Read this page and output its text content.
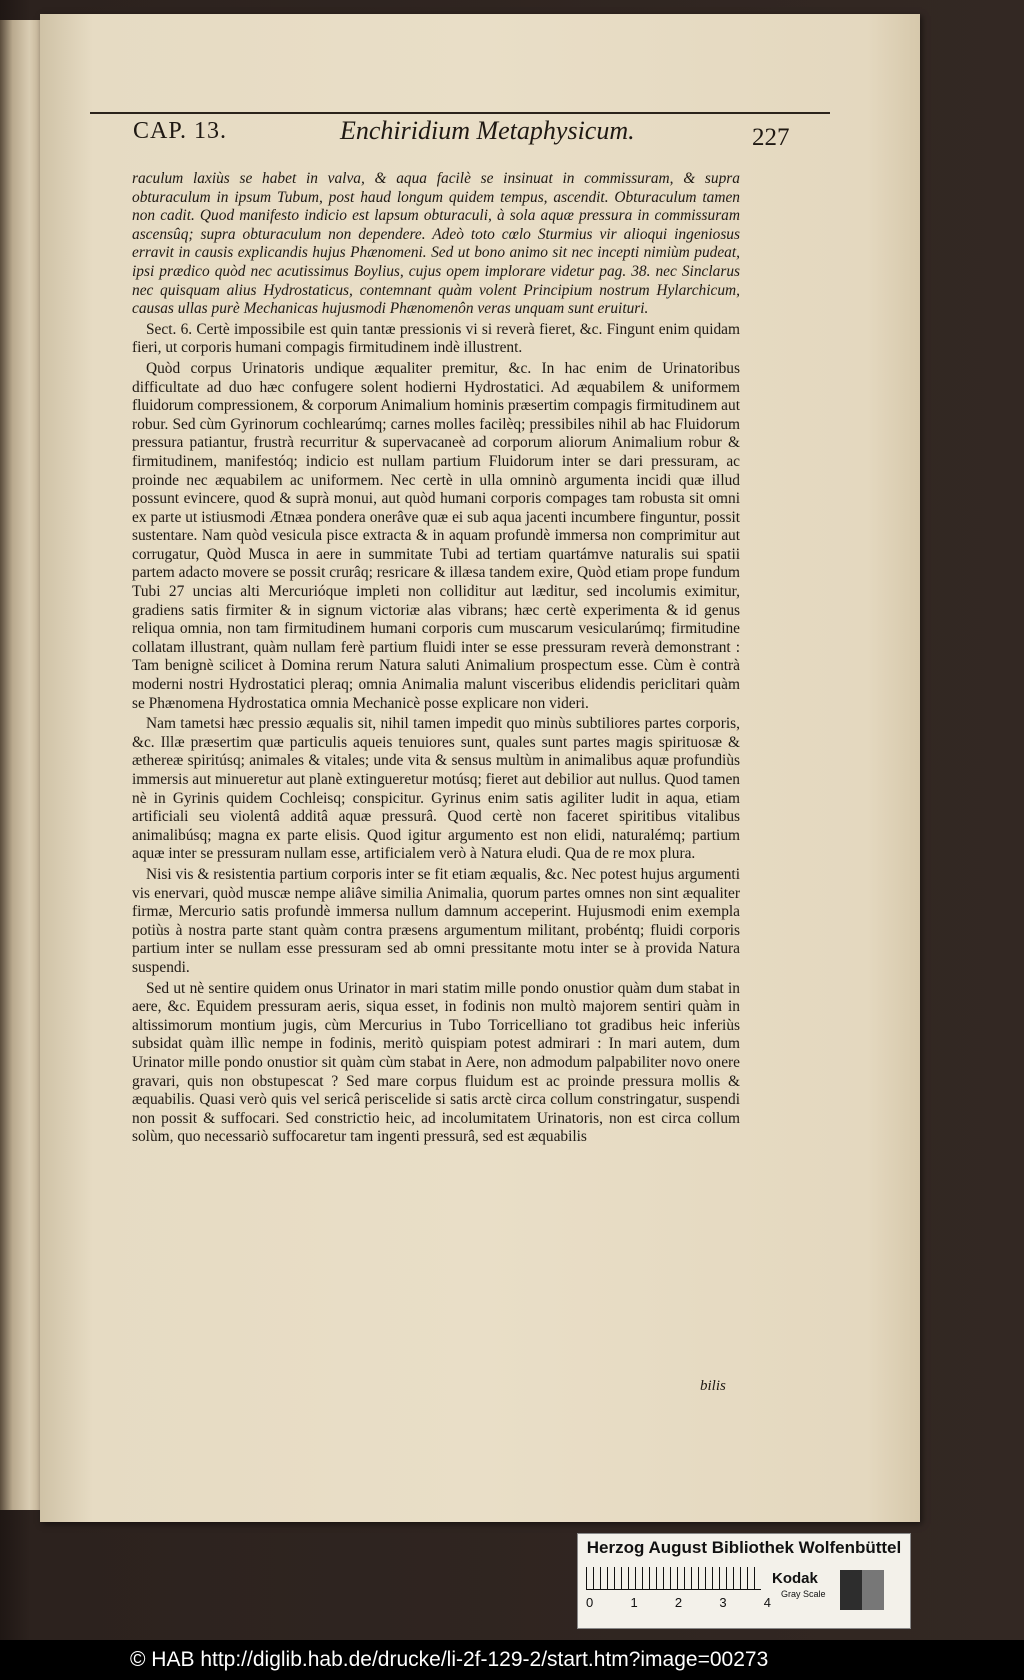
CAP. 13.	Enchiridium Metaphysicum.	227

raculum laxiùs se habet in valva, & aqua facilè se insinuat in commissuram, & supra obturaculum in ipsum Tubum, post haud longum quidem tempus, ascendit. Obturaculum tamen non cadit. Quod manifesto indicio est lapsum obturaculi, à sola aquæ pressura in commissuram ascensûq; supra obturaculum non dependere. Adeò toto cœlo Sturmius vir alioqui ingeniosus erravit in causis explicandis hujus Phænomeni. Sed ut bono animo sit nec incepti nimiùm pudeat, ipsi prædico quòd nec acutissimus Boylius, cujus opem implorare videtur pag. 38. nec Sinclarus nec quisquam alius Hydrostaticus, contemnant quàm volent Principium nostrum Hylarchicum, causas ullas purè Mechanicas hujusmodi Phænomenôn veras unquam sunt eruituri.

Sect. 6. Certè impossibile est quin tantæ pressionis vi si reverà fieret, &c. Fingunt enim quidam fieri, ut corporis humani compagis firmitudinem indè illustrent.

Quòd corpus Urinatoris undique æqualiter premitur, &c. In hac enim de Urinatoribus difficultate ad duo hæc confugere solent hodierni Hydrostatici. Ad æquabilem & uniformem fluidorum compressionem, & corporum Animalium hominis præsertim compagis firmitudinem aut robur. Sed cùm Gyrinorum cochlearúmq; carnes molles facilèq; pressibiles nihil ab hac Fluidorum pressura patiantur, frustrà recurritur & supervacaneè ad corporum aliorum Animalium robur & firmitudinem, manifestóq; indicio est nullam partium Fluidorum inter se dari pressuram, ac proinde nec æquabilem ac uniformem. Nec certè in ulla omninò argumenta incidi quæ illud possunt evincere, quod & suprà monui, aut quòd humani corporis compages tam robusta sit omni ex parte ut istiusmodi Ætnæa pondera onerâve quæ ei sub aqua jacenti incumbere finguntur, possit sustentare. Nam quòd vesicula pisce extracta & in aquam profundè immersa non comprimitur aut corrugatur, Quòd Musca in aere in summitate Tubi ad tertiam quartámve naturalis sui spatii partem adacto movere se possit crurâq; resricare & illæsa tandem exire, Quòd etiam prope fundum Tubi 27 uncias alti Mercurióque impleti non colliditur aut læditur, sed incolumis eximitur, gradiens satis firmiter & in signum victoriæ alas vibrans; hæc certè experimenta & id genus reliqua omnia, non tam firmitudinem humani corporis cum muscarum vesicularúmq; firmitudine collatam illustrant, quàm nullam ferè partium fluidi inter se esse pressuram reverà demonstrant : Tam benignè scilicet à Domina rerum Natura saluti Animalium prospectum esse. Cùm è contrà moderni nostri Hydrostatici pleraq; omnia Animalia malunt visceribus elidendis periclitari quàm se Phænomena Hydrostatica omnia Mechanicè posse explicare non videri.

Nam tametsi hæc pressio æqualis sit, nihil tamen impedit quo minùs subtiliores partes corporis, &c. Illæ præsertim quæ particulis aqueis tenuiores sunt, quales sunt partes magis spirituosæ & æthereæ spiritúsq; animales & vitales; unde vita & sensus multùm in animalibus aquæ profundiùs immersis aut minueretur aut planè extingueretur motúsq; fieret aut debilior aut nullus. Quod tamen nè in Gyrinis quidem Cochleisq; conspicitur. Gyrinus enim satis agiliter ludit in aqua, etiam artificiali seu violentâ additâ aquæ pressurâ. Quod certè non faceret spiritibus vitalibus animalibúsq; magna ex parte elisis. Quod igitur argumento est non elidi, naturalémq; partium aquæ inter se pressuram nullam esse, artificialem verò à Natura eludi. Qua de re mox plura.

Nisi vis & resistentia partium corporis inter se fit etiam æqualis, &c. Nec potest hujus argumenti vis enervari, quòd muscæ nempe aliâve similia Animalia, quorum partes omnes non sint æqualiter firmæ, Mercurio satis profundè immersa nullum damnum acceperint. Hujusmodi enim exempla potiùs à nostra parte stant quàm contra præsens argumentum militant, probéntq; fluidi corporis partium inter se nullam esse pressuram sed ab omni pressitante motu inter se à provida Natura suspendi.

Sed ut nè sentire quidem onus Urinator in mari statim mille pondo onustior quàm dum stabat in aere, &c. Equidem pressuram aeris, siqua esset, in fodinis non multò majorem sentiri quàm in altissimorum montium jugis, cùm Mercurius in Tubo Torricelliano tot gradibus heic inferiùs subsidat quàm illìc nempe in fodinis, meritò quispiam potest admirari : In mari autem, dum Urinator mille pondo onustior sit quàm cùm stabat in Aere, non admodum palpabiliter novo onere gravari, quis non obstupescat ? Sed mare corpus fluidum est ac proinde pressura mollis & æquabilis. Quasi verò quis vel sericâ periscelide si satis arctè circa collum constringatur, suspendi non possit & suffocari. Sed constrictio heic, ad incolumitatem Urinatoris, non est circa collum solùm, quo necessariò suffocaretur tam ingenti pressurâ, sed est æquabilis

bilis
Herzog August Bibliothek Wolfenbüttel
0	1	2	3	4
Kodak
Gray Scale
© HAB http://diglib.hab.de/drucke/li-2f-129-2/start.htm?image=00273
